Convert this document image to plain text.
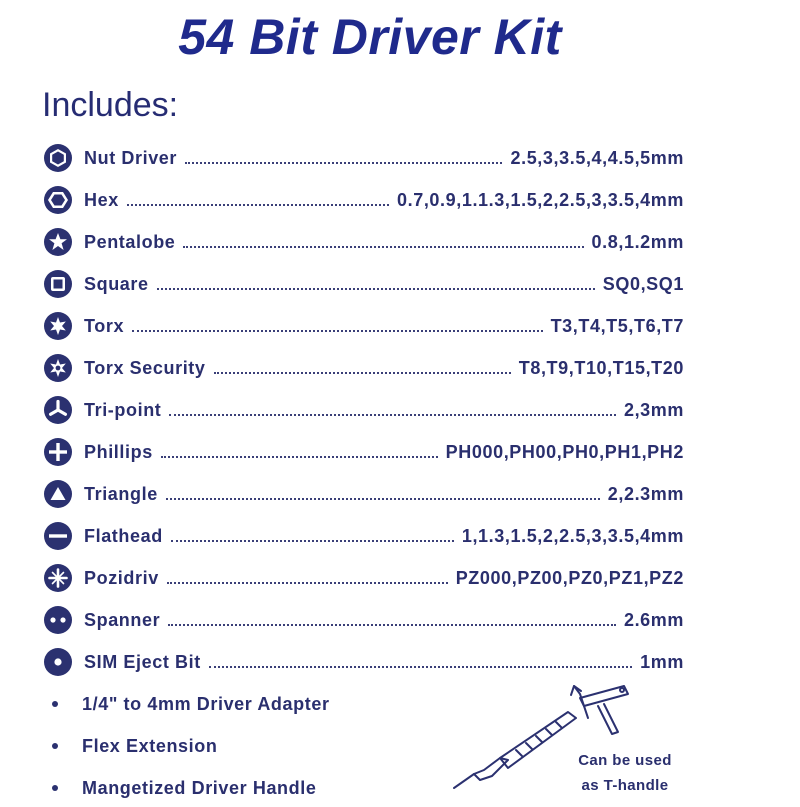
54 Bit Driver Kit
Includes:
Nut Driver	2.5,3,3.5,4,4.5,5mm
Hex	0.7,0.9,1.1.3,1.5,2,2.5,3,3.5,4mm
Pentalobe	0.8,1.2mm
Square	SQ0,SQ1
Torx	T3,T4,T5,T6,T7
Torx Security	T8,T9,T10,T15,T20
Tri-point	2,3mm
Phillips	PH000,PH00,PH0,PH1,PH2
Triangle	2,2.3mm
Flathead	1,1.3,1.5,2,2.5,3,3.5,4mm
Pozidriv	PZ000,PZ00,PZ0,PZ1,PZ2
Spanner	2.6mm
SIM Eject Bit	1mm
1/4" to 4mm Driver Adapter
Flex Extension
Mangetized Driver Handle
Can be used
as T-handle
